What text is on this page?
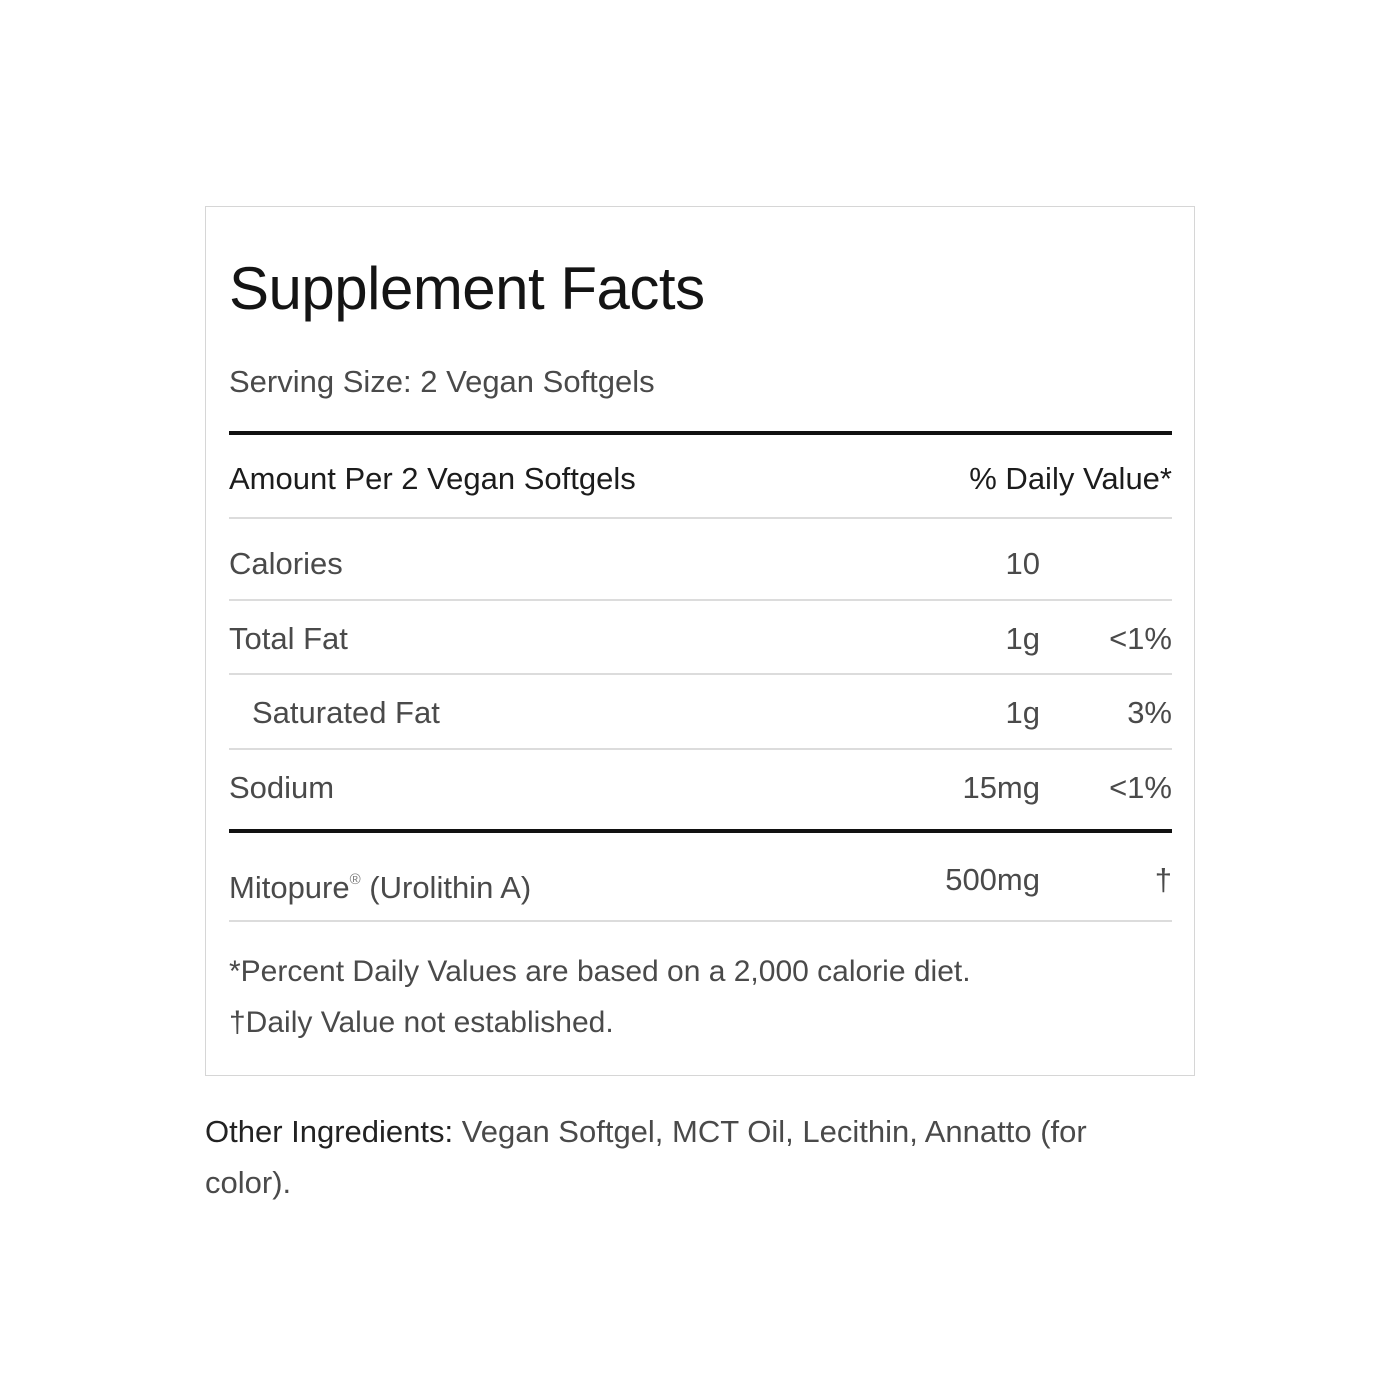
Supplement Facts
Serving Size: 2 Vegan Softgels
Amount Per 2 Vegan Softgels	% Daily Value*
Calories	10
Total Fat	1g <1%
Saturated Fat	1g	3%
Sodium	15mg <1%
Mitopure® (Urolithin A)	500mg	†
*Percent Daily Values are based on a 2,000 calorie diet.
†Daily Value not established.
Other Ingredients: Vegan Softgel, MCT Oil, Lecithin, Annatto (for color).
